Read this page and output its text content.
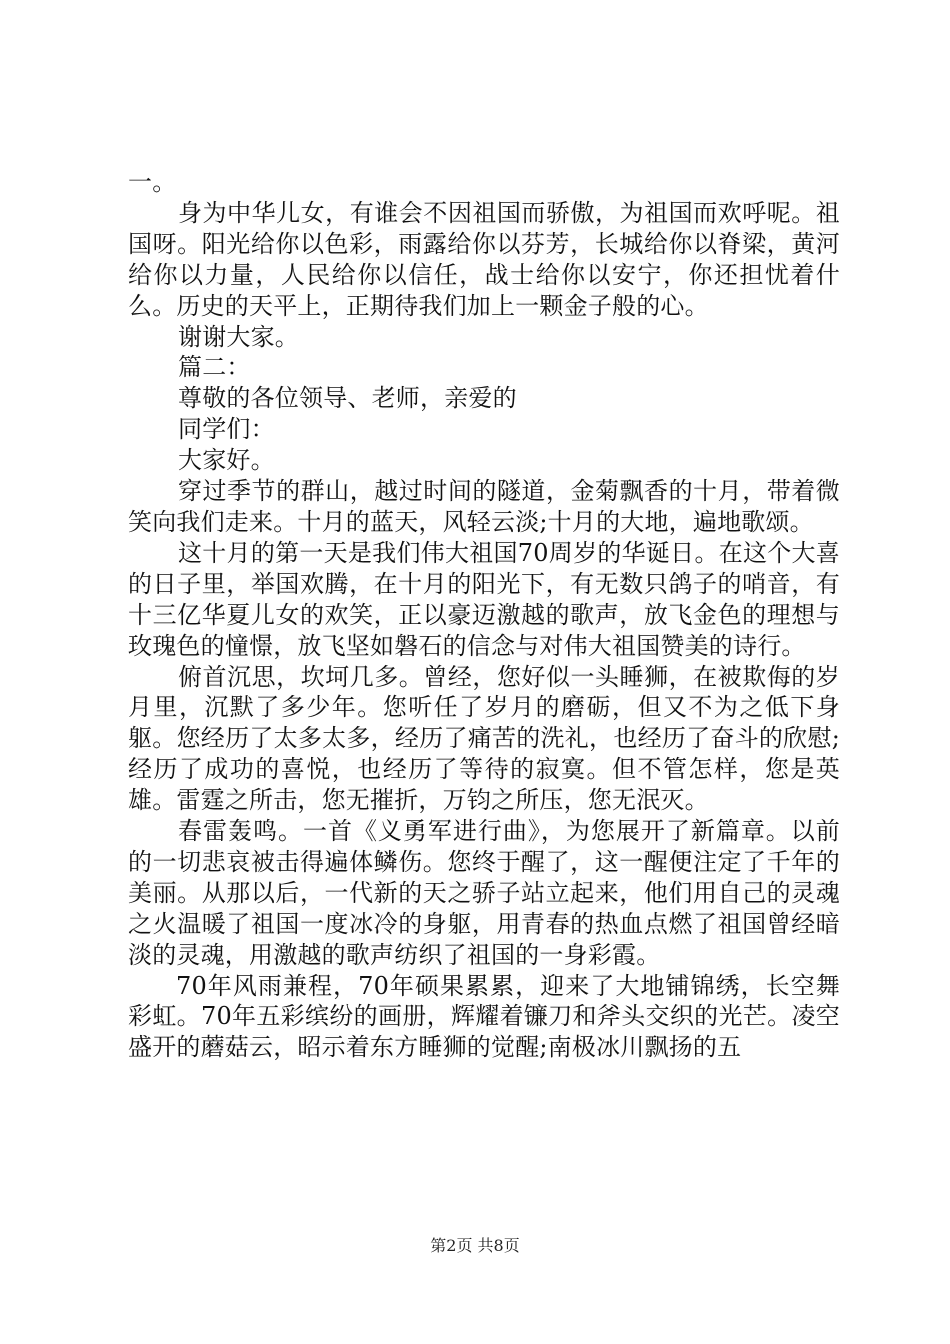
一。

身为中华儿女，有谁会不因祖国而骄傲，为祖国而欢呼呢。祖国呀。阳光给你以色彩，雨露给你以芬芳，长城给你以脊梁，黄河给你以力量，人民给你以信任，战士给你以安宁，你还担忧着什么。历史的天平上，正期待我们加上一颗金子般的心。

谢谢大家。

篇二：

尊敬的各位领导、老师，亲爱的

同学们：

大家好。

穿过季节的群山，越过时间的隧道，金菊飘香的十月，带着微笑向我们走来。十月的蓝天，风轻云淡;十月的大地，遍地歌颂。

这十月的第一天是我们伟大祖国70周岁的华诞日。在这个大喜的日子里，举国欢腾，在十月的阳光下，有无数只鸽子的哨音，有十三亿华夏儿女的欢笑，正以豪迈激越的歌声，放飞金色的理想与玫瑰色的憧憬，放飞坚如磐石的信念与对伟大祖国赞美的诗行。

俯首沉思，坎坷几多。曾经，您好似一头睡狮，在被欺侮的岁月里，沉默了多少年。您听任了岁月的磨砺，但又不为之低下身躯。您经历了太多太多，经历了痛苦的洗礼，也经历了奋斗的欣慰;经历了成功的喜悦，也经历了等待的寂寞。但不管怎样，您是英雄。雷霆之所击，您无摧折，万钧之所压，您无泯灭。

春雷轰鸣。一首《义勇军进行曲》，为您展开了新篇章。以前的一切悲哀被击得遍体鳞伤。您终于醒了，这一醒便注定了千年的美丽。从那以后，一代新的天之骄子站立起来，他们用自己的灵魂之火温暖了祖国一度冰冷的身躯，用青春的热血点燃了祖国曾经暗淡的灵魂，用激越的歌声纺织了祖国的一身彩霞。

70年风雨兼程，70年硕果累累，迎来了大地铺锦绣，长空舞彩虹。70年五彩缤纷的画册，辉耀着镰刀和斧头交织的光芒。凌空盛开的蘑菇云，昭示着东方睡狮的觉醒;南极冰川飘扬的五

第2页 共8页
